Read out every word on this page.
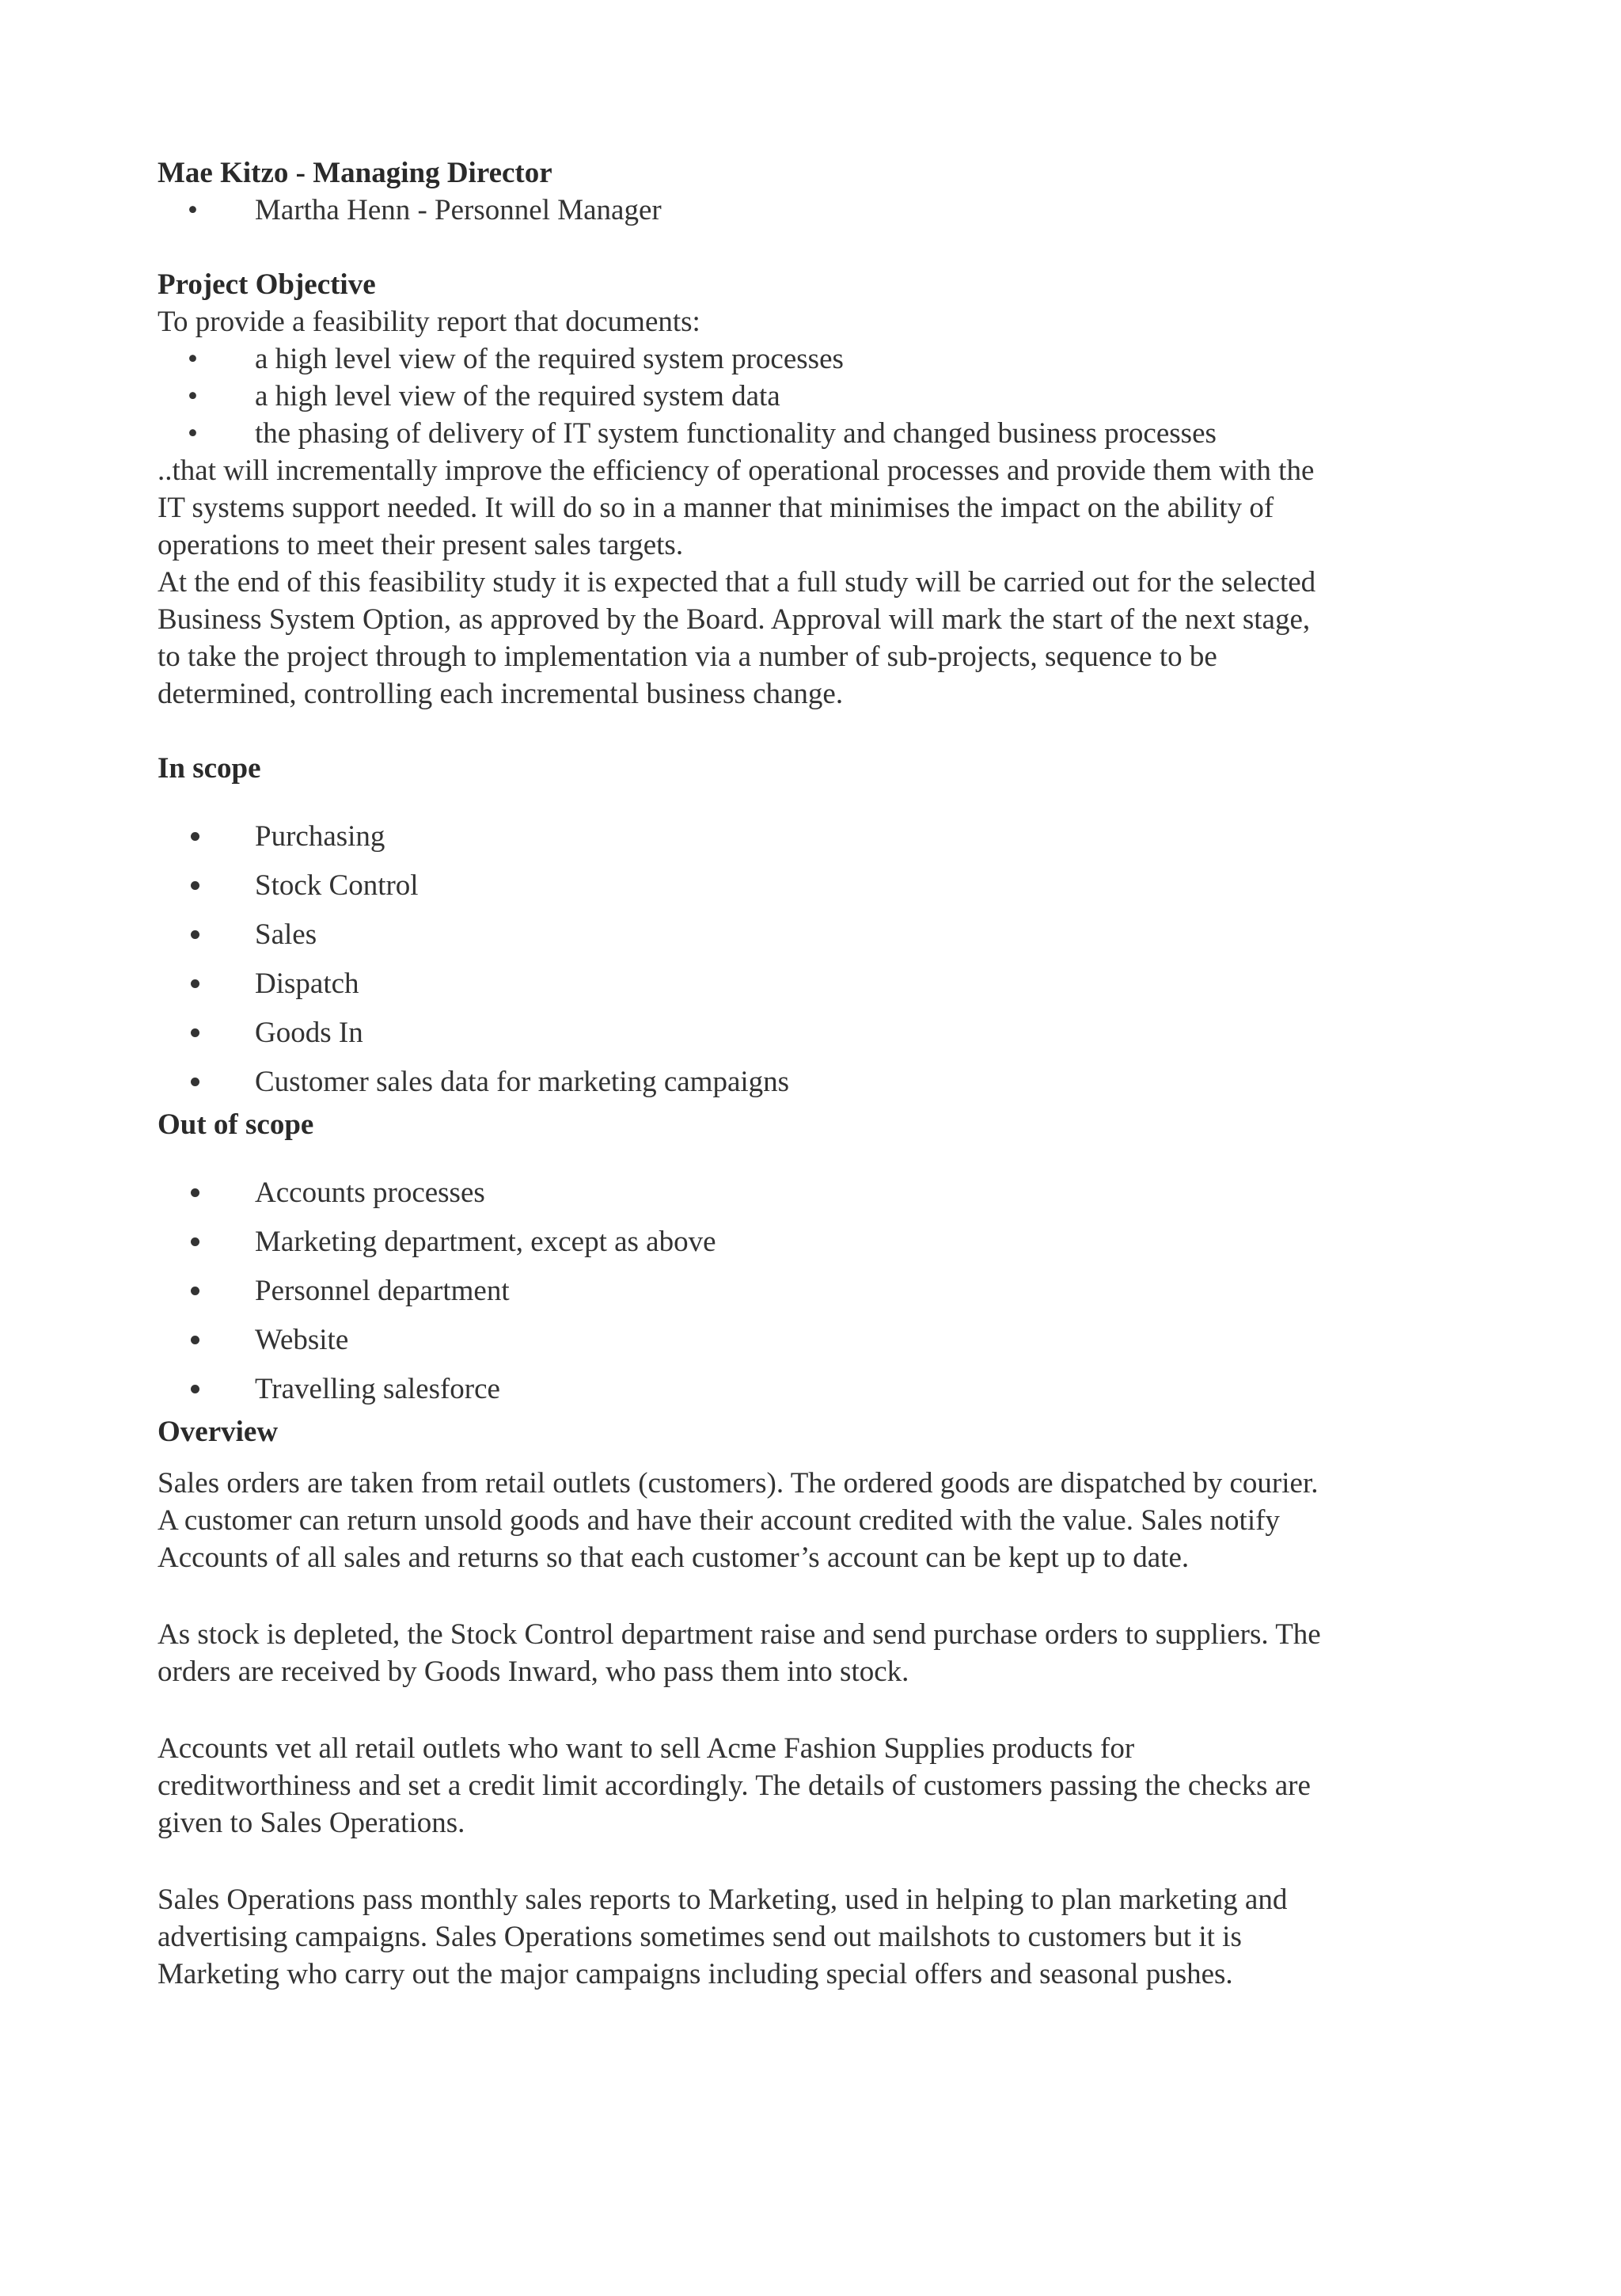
Mae Kitzo - Managing Director

•	Martha Henn - Personnel Manager

Project Objective

To provide a feasibility report that documents:

•	a high level view of the required system processes
•	a high level view of the required system data
•	the phasing of delivery of IT system functionality and changed business processes

..that will incrementally improve the efficiency of operational processes and provide them with the

IT systems support needed. It will do so in a manner that minimises the impact on the ability of

operations to meet their present sales targets.

At the end of this feasibility study it is expected that a full study will be carried out for the selected

Business System Option, as approved by the Board. Approval will mark the start of the next stage,

to take the project through to implementation via a number of sub-projects, sequence to be

determined, controlling each incremental business change.

In scope

Purchasing
Stock Control
Sales
Dispatch
Goods In
Customer sales data for marketing campaigns

Out of scope

Accounts processes
Marketing department, except as above
Personnel department
Website
Travelling salesforce

Overview

Sales orders are taken from retail outlets (customers). The ordered goods are dispatched by courier.

A customer can return unsold goods and have their account credited with the value. Sales notify

Accounts of all sales and returns so that each customer’s account can be kept up to date.

As stock is depleted, the Stock Control department raise and send purchase orders to suppliers. The

orders are received by Goods Inward, who pass them into stock.

Accounts vet all retail outlets who want to sell Acme Fashion Supplies products for

creditworthiness and set a credit limit accordingly. The details of customers passing the checks are

given to Sales Operations.

Sales Operations pass monthly sales reports to Marketing, used in helping to plan marketing and

advertising campaigns. Sales Operations sometimes send out mailshots to customers but it is

Marketing who carry out the major campaigns including special offers and seasonal pushes.
